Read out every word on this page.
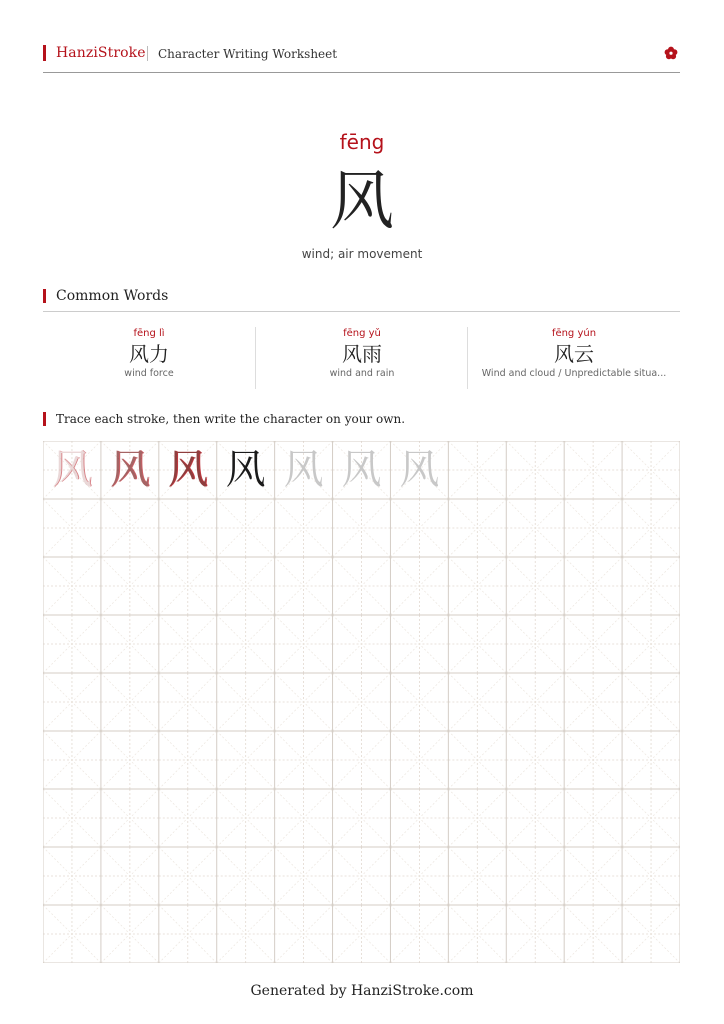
HanziStroke Character Writing Worksheet
fēng
风
wind; air movement
Common Words
fēng lì
风力
wind force
fēng yǔ
风雨
wind and rain
fēng yún
风云
Wind and cloud / Unpredictable situa...
Trace each stroke, then write the character on your own.
风 风 风 风 风 风 风
Generated by HanziStroke.com
